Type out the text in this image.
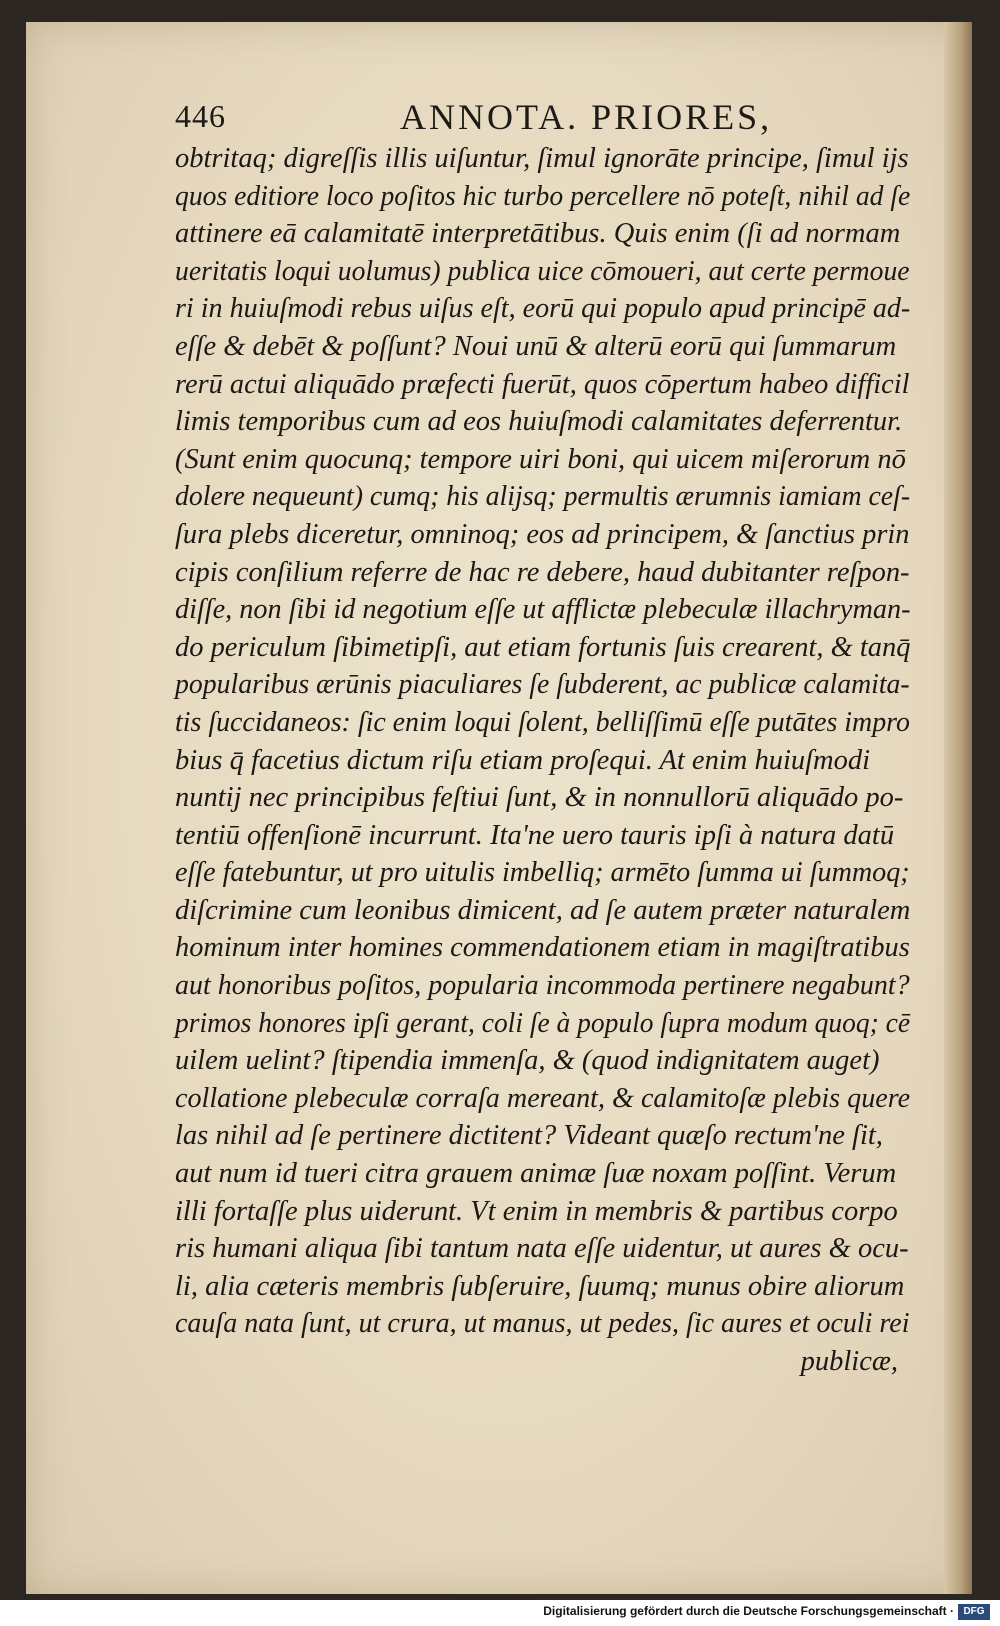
446	ANNOTA. PRIORES,
obtritaq; digreſſis illis uiſuntur, ſimul ignorāte principe, ſimul ijs
quos editiore loco poſitos hic turbo percellere nō poteſt, nihil ad ſe
attinere eā calamitatē interpretātibus. Quis enim (ſi ad normam
ueritatis loqui uolumus) publica uice cōmoueri, aut certe permoue
ri in huiuſmodi rebus uiſus eſt, eorū qui populo apud principē ad-
eſſe & debēt & poſſunt? Noui unū & alterū eorū qui ſummarum
rerū actui aliquādo præfecti fuerūt, quos cōpertum habeo difficil
limis temporibus cum ad eos huiuſmodi calamitates deferrentur.
(Sunt enim quocunq; tempore uiri boni, qui uicem miſerorum nō
dolere nequeunt) cumq; his alijsq; permultis ærumnis iamiam ceſ-
ſura plebs diceretur, omninoq; eos ad principem, & ſanctius prin
cipis conſilium referre de hac re debere, haud dubitanter reſpon-
diſſe, non ſibi id negotium eſſe ut afflictæ plebeculæ illachryman-
do periculum ſibimetipſi, aut etiam fortunis ſuis crearent, & tanq̄
popularibus ærūnis piaculiares ſe ſubderent, ac publicæ calamita-
tis ſuccidaneos: ſic enim loqui ſolent, belliſſimū eſſe putātes impro
bius q̄ facetius dictum riſu etiam proſequi. At enim huiuſmodi
nuntij nec principibus feſtiui ſunt, & in nonnullorū aliquādo po-
tentiū offenſionē incurrunt. Ita'ne uero tauris ipſi à natura datū
eſſe fatebuntur, ut pro uitulis imbelliq; armēto ſumma ui ſummoq;
diſcrimine cum leonibus dimicent, ad ſe autem præter naturalem
hominum inter homines commendationem etiam in magiſtratibus
aut honoribus poſitos, popularia incommoda pertinere negabunt?
primos honores ipſi gerant, coli ſe à populo ſupra modum quoq; cē
uilem uelint? ſtipendia immenſa, & (quod indignitatem auget)
collatione plebeculæ corraſa mereant, & calamitoſæ plebis quere
las nihil ad ſe pertinere dictitent? Videant quæſo rectum'ne ſit,
aut num id tueri citra grauem animæ ſuæ noxam poſſint. Verum
illi fortaſſe plus uiderunt. Vt enim in membris & partibus corpo
ris humani aliqua ſibi tantum nata eſſe uidentur, ut aures & ocu-
li, alia cæteris membris ſubſeruire, ſuumq; munus obire aliorum
cauſa nata ſunt, ut crura, ut manus, ut pedes, ſic aures et oculi rei
publicæ,
Digitalisierung gefördert durch die Deutsche Forschungsgemeinschaft · DFG
